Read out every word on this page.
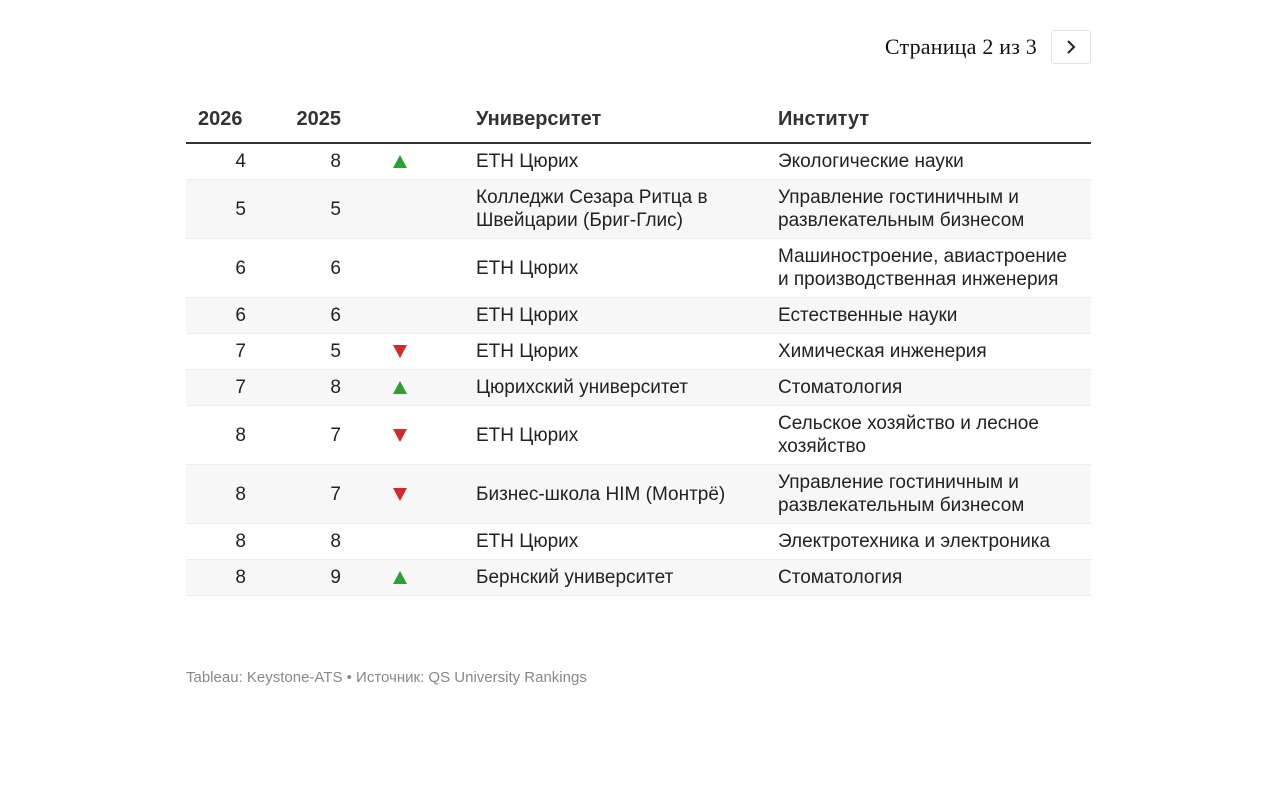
Страница 2 из 3
2026	2025		Университет	Институт
4	8		ETH Цюрих	Экологические науки
5	5		Колледжи Сезара Ритца в Швейцарии (Бриг-Глис)	Управление гостиничным и развлекательным бизнесом
6	6		ETH Цюрих	Машиностроение, авиастроение и производственная инженерия
6	6		ETH Цюрих	Естественные науки
7	5		ETH Цюрих	Химическая инженерия
7	8		Цюрихский университет	Стоматология
8	7		ETH Цюрих	Сельское хозяйство и лесное хозяйство
8	7		Бизнес-школа HIM (Монтрё)	Управление гостиничным и развлекательным бизнесом
8	8		ETH Цюрих	Электротехника и электроника
8	9		Бернский университет	Стоматология
Tableau: Keystone-ATS • Источник: QS University Rankings
